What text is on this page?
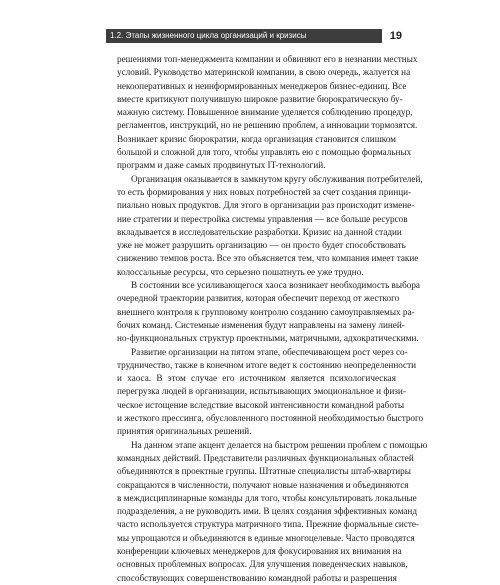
1.2. Этапы жизненного цикла организаций и кризисы	19
решениями топ-менеджмента компании и обвиняют его в незнании местных
условий. Руководство материнской компании, в свою очередь, жалуется на
некооперативных и неинформированных менеджеров бизнес-единиц. Все
вместе критикуют получившую широкое развитие бюрократическую бу-
мажную систему. Повышенное внимание уделяется соблюдению процедур,
регламентов, инструкций, но не решению проблем, а инновации тормозятся.
Возникает кризис бюрократии, когда организация становится слишком
большой и сложной для того, чтобы управлять ею с помощью формальных
программ и даже самых продвинутых IT-технологий.
Организация оказывается в замкнутом кругу обслуживания потребителей,
то есть формирования у них новых потребностей за счет создания принци-
пиально новых продуктов. Для этого в организации раз происходит измене-
ние стратегии и перестройка системы управления — все больше ресурсов
вкладывается в исследовательские разработки. Кризис на данной стадии
уже не может разрушить организацию — он просто будет способствовать
снижению темпов роста. Все это объясняется тем, что компания имеет такие
колоссальные ресурсы, что серьезно пошатнуть ее уже трудно.
В состоянии все усиливающегося хаоса возникает необходимость выбора
очередной траектории развития, которая обеспечит переход от жесткого
внешнего контроля к групповому контролю созданию самоуправляемых ра-
бочих команд. Системные изменения будут направлены на замену линей-
но-функциональных структур проектными, матричными, адхократическими.
Развитие организации на пятом этапе, обеспечивающем рост через со-
трудничество, также в конечном итоге ведет к состоянию неопределенности
и хаоса. В этом случае его источником является психологическая
перегрузка людей в организации, испытывающих эмоциональное и физи-
ческое истощение вследствие высокой интенсивности командной работы
и жесткого прессинга, обусловленного постоянной необходимостью быстрого
принятия оригинальных решений.
На данном этапе акцент делается на быстром решении проблем с помощью
командных действий. Представители различных функциональных областей
объединяются в проектные группы. Штатные специалисты штаб-квартиры
сокращаются в численности, получают новые назначения и объединяются
в междисциплинарные команды для того, чтобы консультировать локальные
подразделения, а не руководить ими. В целях создания эффективных команд
часто используется структура матричного типа. Прежние формальные систе-
мы упрощаются и объединяются в единые многоцелевые. Часто проводятся
конференции ключевых менеджеров для фокусирования их внимания на
основных проблемных вопросах. Для улучшения поведенческих навыков,
способствующих совершенствованию командной работы и разрешения
